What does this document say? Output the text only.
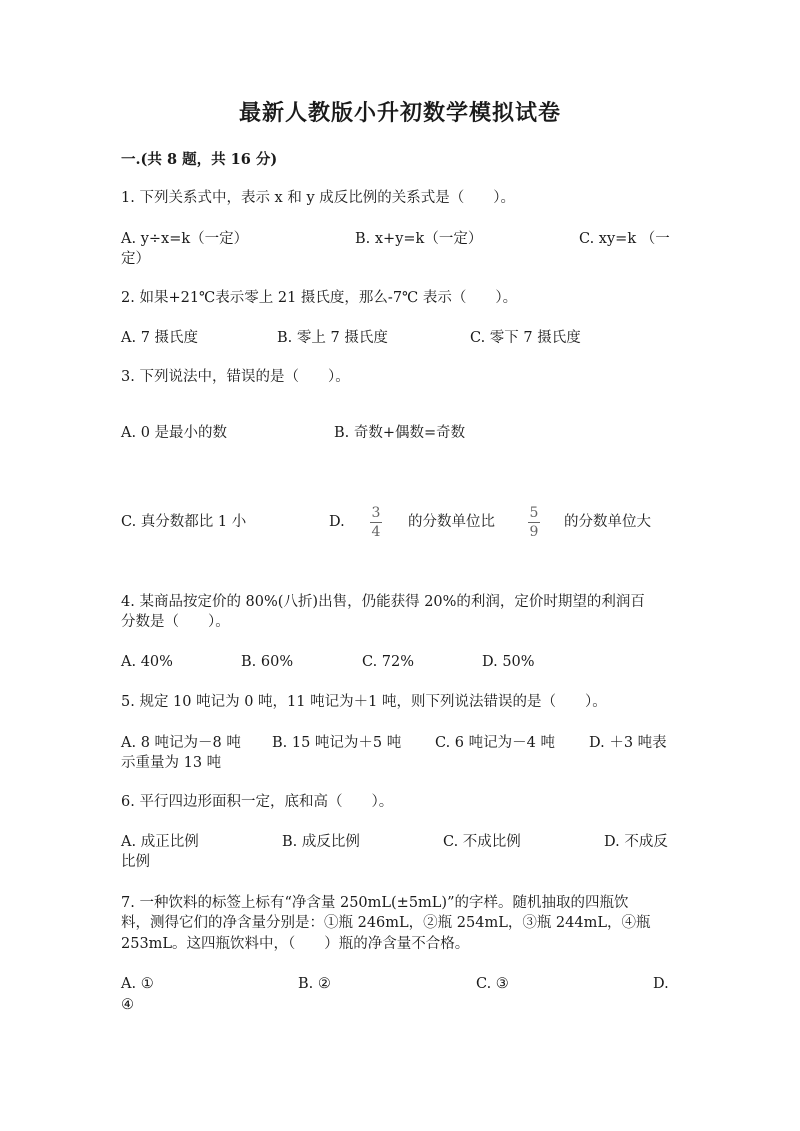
最新人教版小升初数学模拟试卷
一.(共 8 题，共 16 分)
1. 下列关系式中，表示 x 和 y 成反比例的关系式是（　　）。
A. y÷x=k（一定）	B. x+y=k（一定）	C. xy=k （一
定）
2. 如果+21℃表示零上 21 摄氏度，那么-7℃ 表示（　　）。
A. 7 摄氏度	B. 零上 7 摄氏度	C. 零下 7 摄氏度
3. 下列说法中，错误的是（　　）。
A. 0 是最小的数	B. 奇数+偶数=奇数
C. 真分数都比 1 小	D.
3
4
的分数单位比
5
9
的分数单位大
4. 某商品按定价的 80%(八折)出售，仍能获得 20%的利润，定价时期望的利润百
分数是（　　）。
A. 40%	B. 60%	C. 72%	D. 50%
5. 规定 10 吨记为 0 吨，11 吨记为＋1 吨，则下列说法错误的是（　　）。
A. 8 吨记为－8 吨 B. 15 吨记为＋5 吨 C. 6 吨记为－4 吨 D. ＋3 吨表
示重量为 13 吨
6. 平行四边形面积一定，底和高（　　）。
A. 成正比例	B. 成反比例	C. 不成比例	D. 不成反
比例
7. 一种饮料的标签上标有“净含量 250mL(±5mL)”的字样。随机抽取的四瓶饮
料，测得它们的净含量分别是：①瓶 246mL，②瓶 254mL，③瓶 244mL，④瓶
253mL。这四瓶饮料中，（　　）瓶的净含量不合格。
A. ①	B. ②	C. ③	D.
④
